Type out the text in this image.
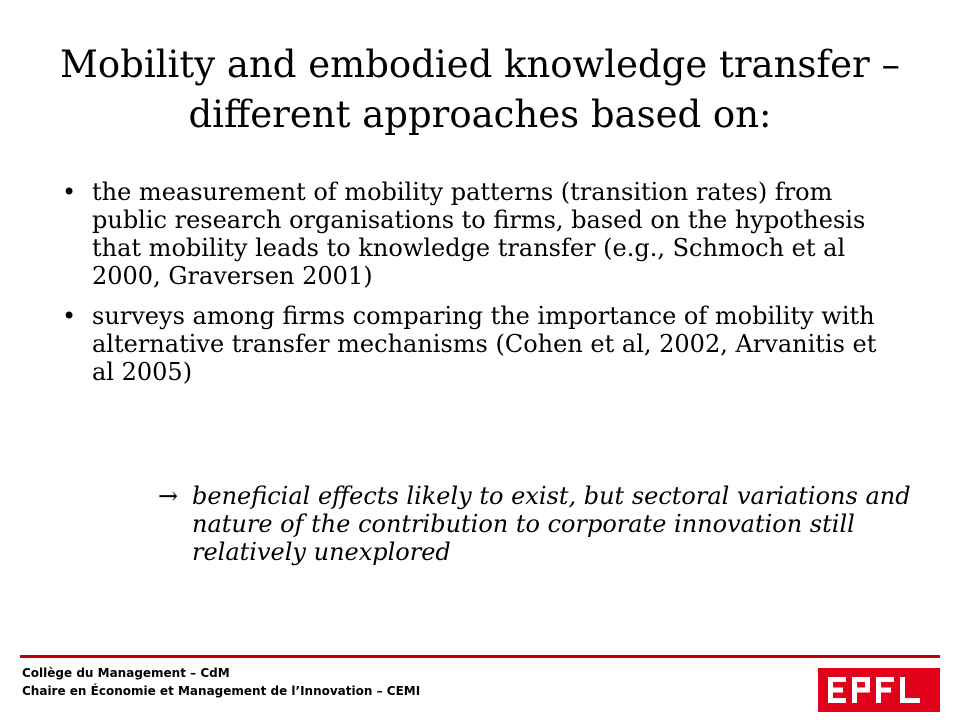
Mobility and embodied knowledge transfer –
different approaches based on:
• the measurement of mobility patterns (transition rates) from public research organisations to firms, based on the hypothesis that mobility leads to knowledge transfer (e.g., Schmoch et al 2000, Graversen 2001)
• surveys among firms comparing the importance of mobility with alternative transfer mechanisms (Cohen et al, 2002, Arvanitis et al 2005)
→ beneficial effects likely to exist, but sectoral variations and nature of the contribution to corporate innovation still relatively unexplored
Collège du Management – CdM
Chaire en Économie et Management de l’Innovation – CEMI
